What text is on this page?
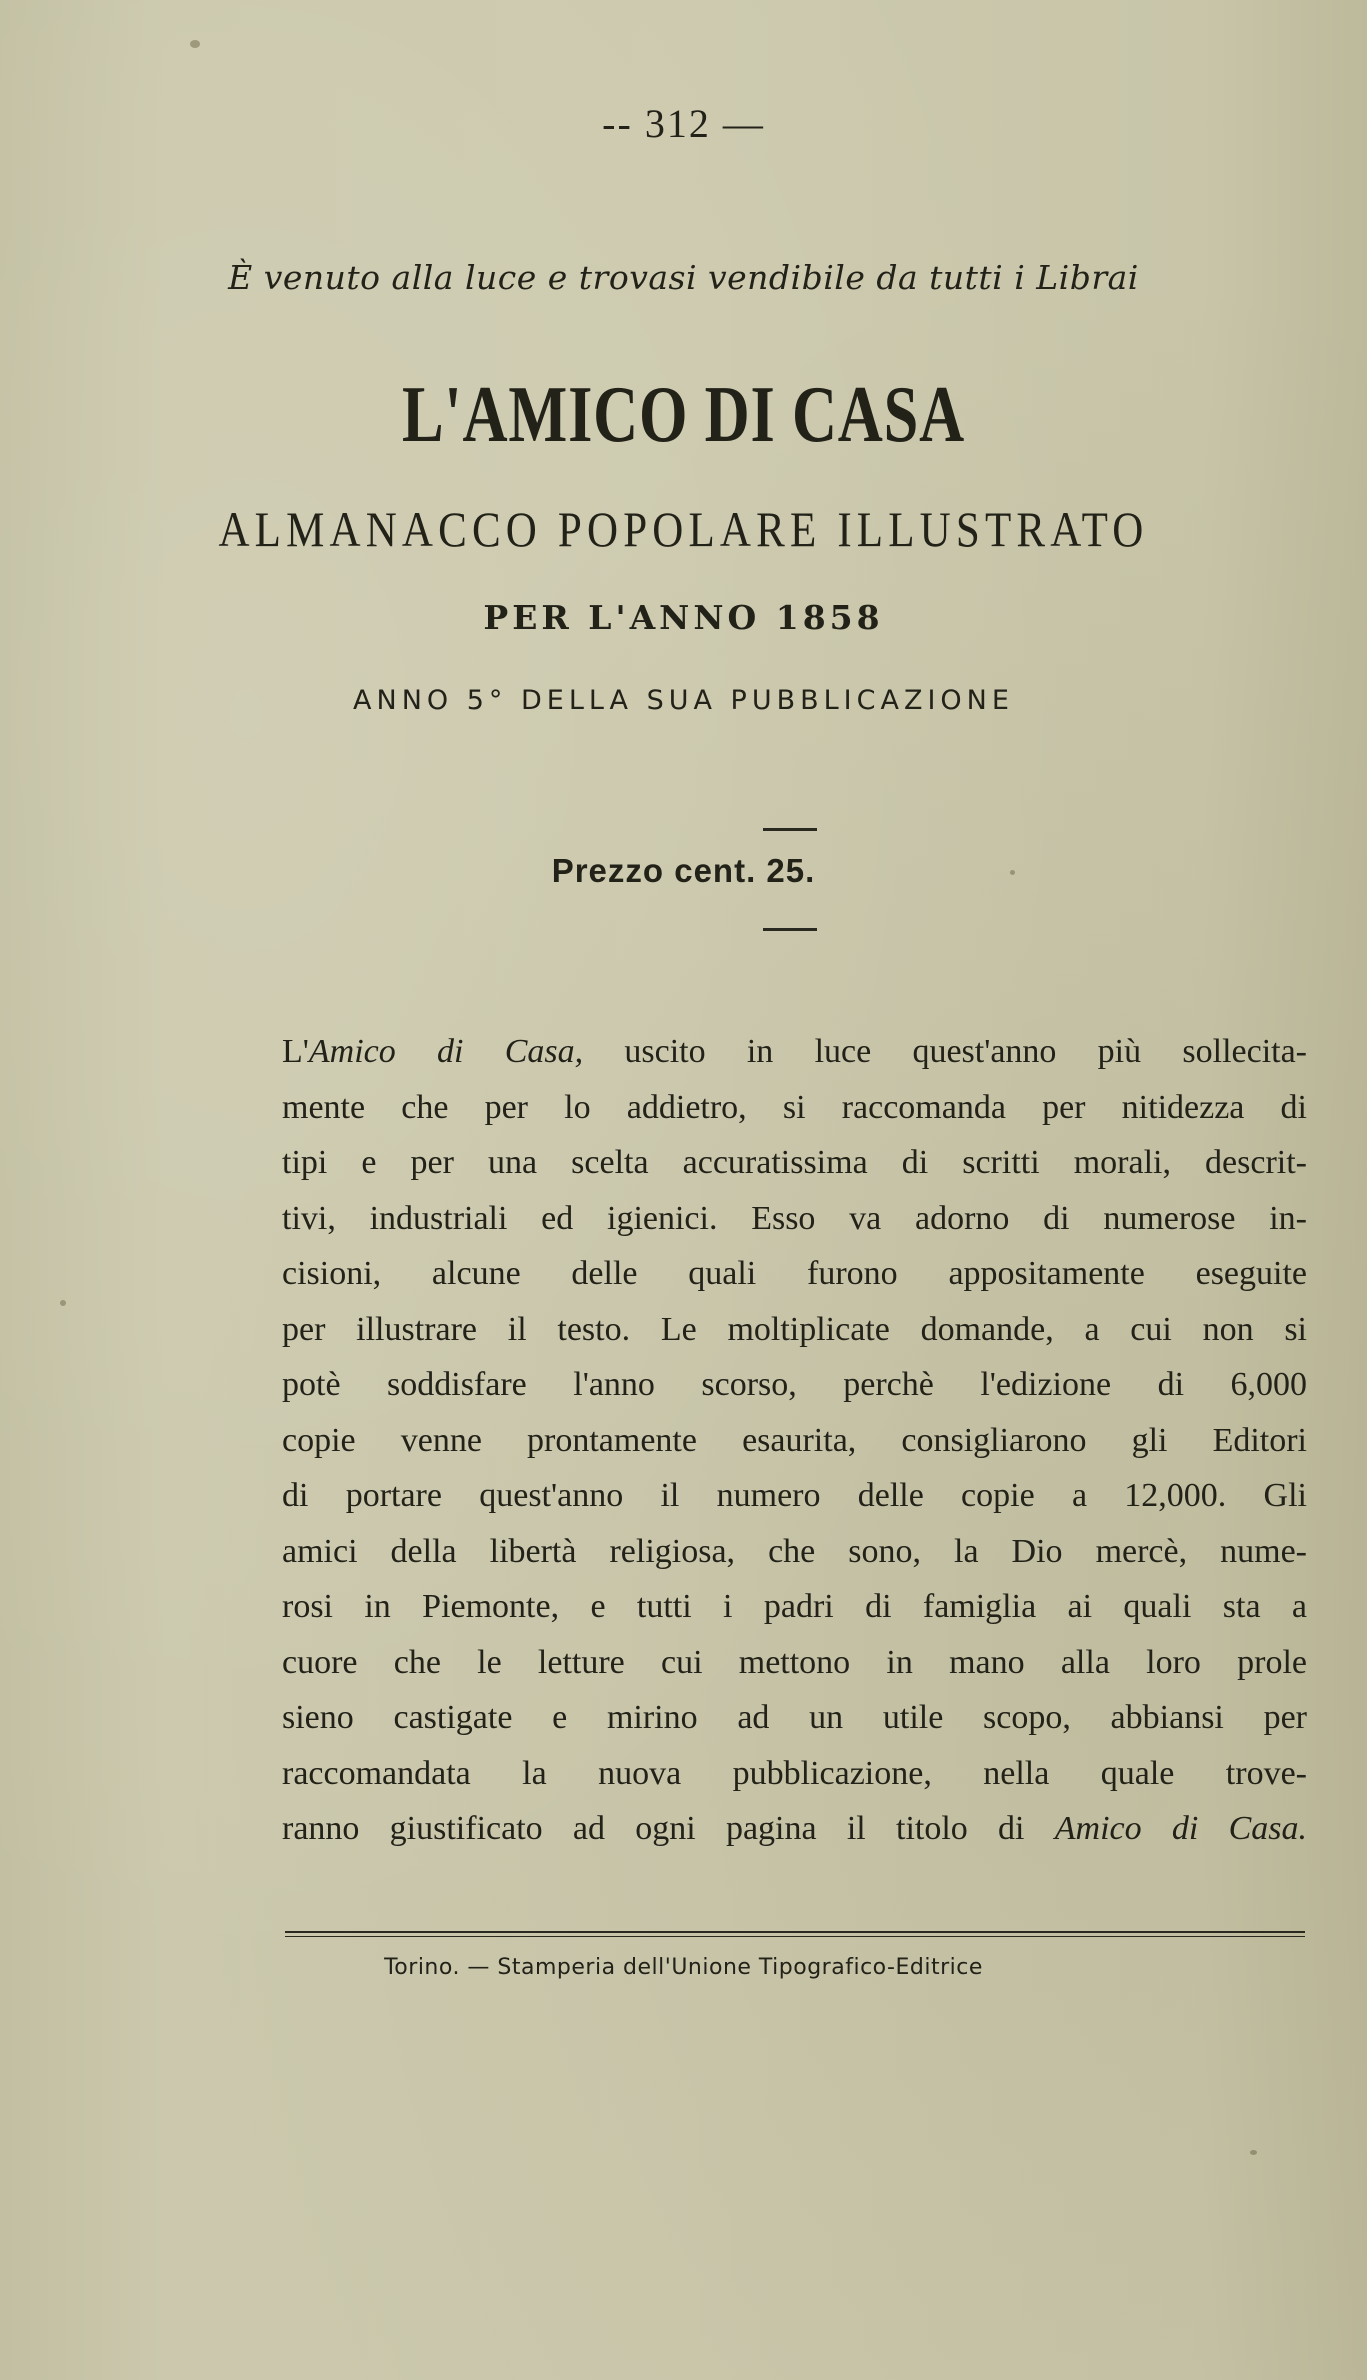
-- 312 —
È venuto alla luce e trovasi vendibile da tutti i Librai
L'AMICO DI CASA
ALMANACCO POPOLARE ILLUSTRATO
PER L'ANNO 1858
ANNO 5° DELLA SUA PUBBLICAZIONE
Prezzo cent. 25.
L'Amico di Casa, uscito in luce quest'anno più sollecita-
mente che per lo addietro, si raccomanda per nitidezza di
tipi e per una scelta accuratissima di scritti morali, descrit-
tivi, industriali ed igienici. Esso va adorno di numerose in-
cisioni, alcune delle quali furono appositamente eseguite
per illustrare il testo. Le moltiplicate domande, a cui non si
potè soddisfare l'anno scorso, perchè l'edizione di 6,000
copie venne prontamente esaurita, consigliarono gli Editori
di portare quest'anno il numero delle copie a 12,000. Gli
amici della libertà religiosa, che sono, la Dio mercè, nume-
rosi in Piemonte, e tutti i padri di famiglia ai quali sta a
cuore che le letture cui mettono in mano alla loro prole
sieno castigate e mirino ad un utile scopo, abbiansi per
raccomandata la nuova pubblicazione, nella quale trove-
ranno giustificato ad ogni pagina il titolo di Amico di Casa.
Torino. — Stamperia dell'Unione Tipografico-Editrice
